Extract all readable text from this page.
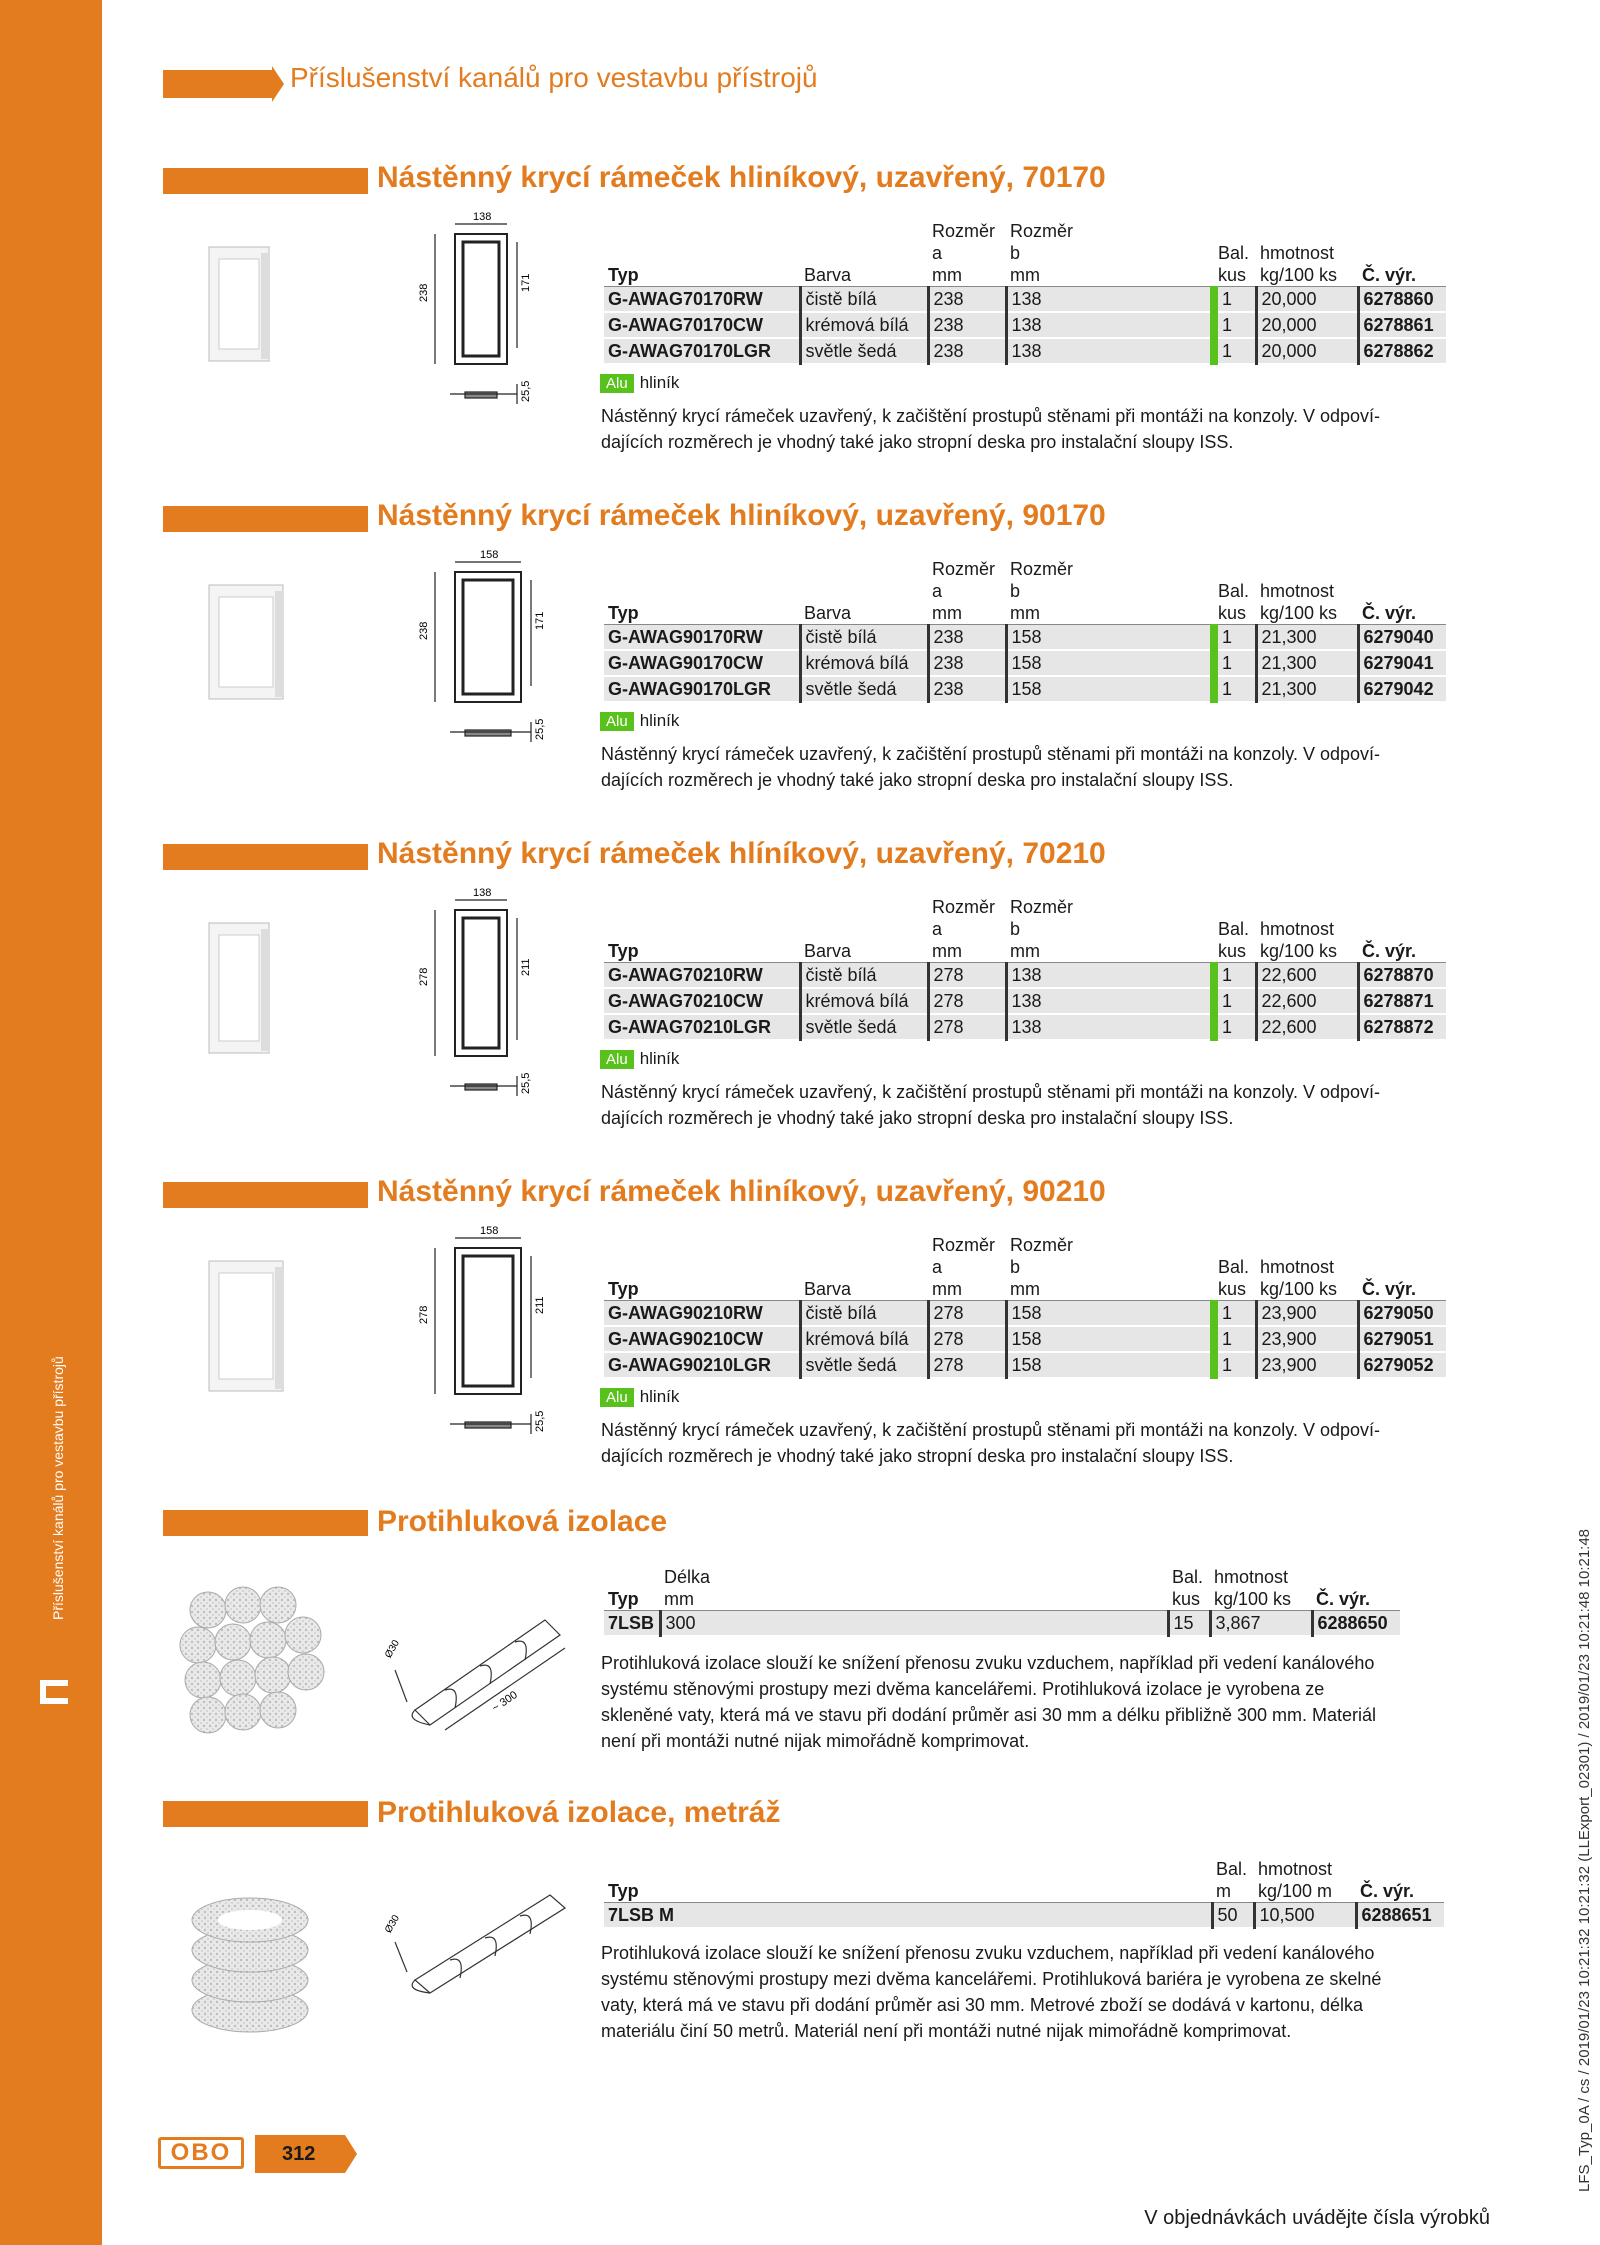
Příslušenství kanálů pro vestavbu přístrojů
Příslušenství kanálů pro vestavbu přístrojů
Nástěnný krycí rámeček hliníkový, uzavřený, 70170
138
238
171
25,5
		Rozměr	Rozměr			
		a	b	Bal.	hmotnost	
Typ	Barva	mm	mm	kus	kg/100 ks	Č. výr.
G-AWAG70170RW	čistě bílá	238	138	1	20,000	6278860
G-AWAG70170CW	krémová bílá	238	138	1	20,000	6278861
G-AWAG70170LGR	světle šedá	238	138	1	20,000	6278862
Alu hliník
Nástěnný krycí rámeček uzavřený, k začištění prostupů stěnami při montáži na konzoly. V odpoví-
dajících rozměrech je vhodný také jako stropní deska pro instalační sloupy ISS.
Nástěnný krycí rámeček hliníkový, uzavřený, 90170
158
238
171
25,5
		Rozměr	Rozměr			
		a	b	Bal.	hmotnost	
Typ	Barva	mm	mm	kus	kg/100 ks	Č. výr.
G-AWAG90170RW	čistě bílá	238	158	1	21,300	6279040
G-AWAG90170CW	krémová bílá	238	158	1	21,300	6279041
G-AWAG90170LGR	světle šedá	238	158	1	21,300	6279042
Alu hliník
Nástěnný krycí rámeček uzavřený, k začištění prostupů stěnami při montáži na konzoly. V odpoví-
dajících rozměrech je vhodný také jako stropní deska pro instalační sloupy ISS.
Nástěnný krycí rámeček hlíníkový, uzavřený, 70210
138
278
211
25,5
		Rozměr	Rozměr			
		a	b	Bal.	hmotnost	
Typ	Barva	mm	mm	kus	kg/100 ks	Č. výr.
G-AWAG70210RW	čistě bílá	278	138	1	22,600	6278870
G-AWAG70210CW	krémová bílá	278	138	1	22,600	6278871
G-AWAG70210LGR	světle šedá	278	138	1	22,600	6278872
Alu hliník
Nástěnný krycí rámeček uzavřený, k začištění prostupů stěnami při montáži na konzoly. V odpoví-
dajících rozměrech je vhodný také jako stropní deska pro instalační sloupy ISS.
Nástěnný krycí rámeček hliníkový, uzavřený, 90210
158
278
211
25,5
		Rozměr	Rozměr			
		a	b	Bal.	hmotnost	
Typ	Barva	mm	mm	kus	kg/100 ks	Č. výr.
G-AWAG90210RW	čistě bílá	278	158	1	23,900	6279050
G-AWAG90210CW	krémová bílá	278	158	1	23,900	6279051
G-AWAG90210LGR	světle šedá	278	158	1	23,900	6279052
Alu hliník
Nástěnný krycí rámeček uzavřený, k začištění prostupů stěnami při montáži na konzoly. V odpoví-
dajících rozměrech je vhodný také jako stropní deska pro instalační sloupy ISS.
Protihluková izolace
Ø30
~ 300
	Délka	Bal.	hmotnost	
Typ	mm	kus	kg/100 ks	Č. výr.
7LSB	300	15	3,867	6288650
Protihluková izolace slouží ke snížení přenosu zvuku vzduchem, například při vedení kanálového
systému stěnovými prostupy mezi dvěma kancelářemi. Protihluková izolace je vyrobena ze
skleněné vaty, která má ve stavu při dodání průměr asi 30 mm a délku přibližně 300 mm. Materiál
není při montáži nutné nijak mimořádně komprimovat.
Protihluková izolace, metráž
Ø30
	Bal.	hmotnost	
Typ	m	kg/100 m	Č. výr.
7LSB M	50	10,500	6288651
Protihluková izolace slouží ke snížení přenosu zvuku vzduchem, například při vedení kanálového
systému stěnovými prostupy mezi dvěma kancelářemi. Protihluková bariéra je vyrobena ze skelné
vaty, která má ve stavu při dodání průměr asi 30 mm. Metrové zboží se dodává v kartonu, délka
materiálu činí 50 metrů. Materiál není při montáži nutné nijak mimořádně komprimovat.
OBO	312
V objednávkách uvádějte čísla výrobků
LFS_Typ_0A / cs / 2019/01/23 10:21:32 10:21:32 (LLExport_02301) / 2019/01/23 10:21:48 10:21:48
